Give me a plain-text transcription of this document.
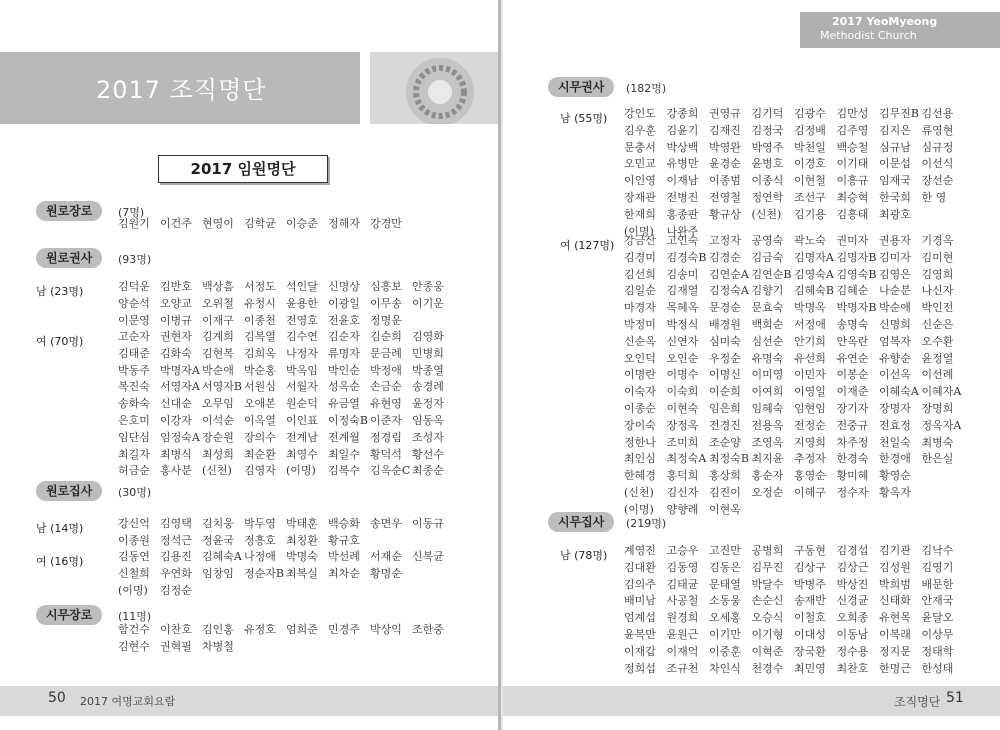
2017 조직명단
2017 임원명단
원로장로	(7명)
김원기 이건주 현영이 김학균 이승준 정해자 강경만
원로권사	(93명)
남 (23명)	김덕운 김반호 백상흠 서정도 석인달 신명상 심흥보 안종웅
양순석 오양교 오위철 유청시 윤용한 이광일 이무송 이기운
이문영 이병규 이재구 이종천 전영호 전윤호 정명운
여 (70명)	고순자 권현자 김계희 김복열 김수연 김순자 김순희 김영화
김태준 김화숙 김현복 김희옥 나정자 류명자 문금례 민병희
박동주 박명자A 박순애 박순홍 박옥임 박인순 박정애 박종열
복진숙 서영자A 서영자B 서원심 서월자 성옥순 손금순 송경례
송화숙 신대순 오무임 오애본 원순덕 유금열 유현영 윤정자
은호미 이강자 이석순 이옥열 이인표 이정숙B 이준자 임동옥
임단심 임정숙A 장순원 장의수 전계남 전계월 정경림 조성자
최길자 최병식 최성희 최순환 최영수 최일수 황덕석 황선수
허금순 홍사분 (신천)	김영자 (이명)	김복수 김옥순C 최종순
원로집사	(30명)
남 (14명)	강신억 김영택 김치웅 박두영 박태훈 백승화 송면우 이동규
이종원 정석근 정윤국 정흥호 최칭환 황규호
여 (16명)	김동연 김용진 김혜숙A 나정애 박명숙 박선례 서재순 신복균
신철희 우연화 임창임 정순자B 최복실 최차순 황명순
(이명)	김정순
시무장로	(11명)
함건수 이찬호 김인홍 유정호 엄희준 민경주 박상익 조한중
김현수 권혁필 차병철
50 2017 여명교회요람
시무권사	(182명)
남 (55명) 강인도 강종희 권영규 김기덕 김광수 김만성 김무진B 김선용
김우훈 김윤기 김재진 김정국 김정배 김주영 김지은 류영현
문충서 박상백 박영완 박영주 박천일 백승철 심규남 심규정
오민교 유병만 윤경순 윤병호 이경호 이기태 이문섭 이선식
이인영 이재남 이종범 이종식 이현철 이흥규 임재국 장선순
장재관 전병진 전영철 정연학 조선구 최승혁 한국희 한 영
한재희 홍종판 황규상 (신천)	김기용 김흥태 최광호
(이명)	나완주
여 (127명) 강금산 고인숙 고정자 공영숙 곽노숙 권미자 권용자 기경옥
김경미 김경숙B 김경순 김금숙 김명자A 김명자B 김미자 김미현
김선희 김송미 김연순A 김연순B 김영숙A 김영숙B 김영은 김영희
김일순 김재열 김정숙A 김향기 김혜숙B 김혜순 나순분 나신자
마경자 목혜옥 문경순 문효숙 박명옥 박명자B 박순애 박인전
박정미 박정식 배경원 백희순 서정애 송명숙 신명희 신순은
신순옥 신연자 심미숙 심선순 안기희 안옥란 엄복자 오수환
오인덕 오인순 우정순 유명숙 유선희 유연순 유향순 윤정열
이명란 이명수 이명신 이미영 이민자 이봉순 이선옥 이선례
이숙자 이숙희 이순희 이여희 이영일 이재준 이혜숙A 이혜자A
이종순 이현숙 임은희 임혜숙 임현임 장기자 장명자 장명희
장이숙 장정옥 전경진 전용옥 전정순 전중규 전효정 정옥자A
정한나 조미희 조순양 조영옥 지영희 차주정 천일숙 최병숙
최인심 최정숙A 최정숙B 최지윤 추정자 한경숙 한경애 한은실
한혜경 홍덕희 홍상희 홍순자 홍영순 황미혜 황영순
(신천)	김신자 김진이 오정순 이해구 정수자 황옥자
(이명)	양향례 이현옥
시무집사	(219명)
남 (78명) 계영진 고승우 고진만 공병희 구동현 김경섭 김기관 김낙수
김대환 김동영 김동은 김무진 김상구 김상근 김성원 김영기
김의주 김태균 문태열 박달수 박병주 박상진 박희범 배문한
배미남 사공철 소동웅 손순신 송재반 신경균 신태화 안재국
엄계섭 원경희 오세홍 오승식 이철호 오희종 유현목 윤달오
윤복만 윤원근 이기만 이기형 이대성 이동남 이복래 이상무
이재갑 이재억 이중훈 이혁준 장국환 정수용 정지문 정태학
정희섭 조규천 차인식 천경수 최민영 최찬호 한명근 한성태
조직명단 51
2017 YeoMyeong
Methodist Church
